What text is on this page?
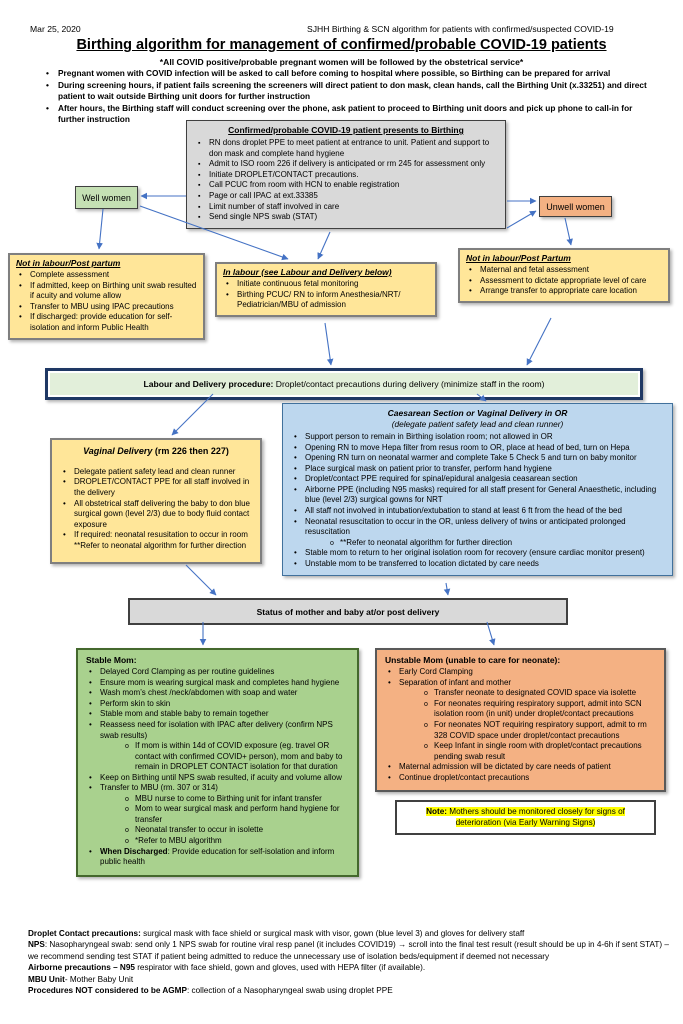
Mar 25, 2020	SJHH Birthing & SCN algorithm for patients with confirmed/suspected COVID-19
Birthing algorithm for management of confirmed/probable COVID-19 patients
*All COVID positive/probable pregnant women will be followed by the obstetrical service*
• Pregnant women with COVID infection will be asked to call before coming to hospital where possible, so Birthing can be prepared for arrival
• During screening hours, if patient fails screening the screeners will direct patient to don mask, clean hands, call the Birthing Unit (x.33251) and direct patient to wait outside Birthing unit doors for further instruction
• After hours, the Birthing staff will conduct screening over the phone, ask patient to proceed to Birthing unit doors and pick up phone to call-in for further instruction
Confirmed/probable COVID-19 patient presents to Birthing
▪ RN dons droplet PPE to meet patient at entrance to unit. Patient and support to don mask and complete hand hygiene
▪ Admit to ISO room 226 if delivery is anticipated or rm 245 for assessment only
▪ Initiate DROPLET/CONTACT precautions.
▪ Call PCUC from room with HCN to enable registration
▪ Page or call IPAC at ext.33385
▪ Limit number of staff involved in care
▪ Send single NPS swab (STAT)
Well women
Unwell women
Not in labour/Post partum
• Complete assessment
• If admitted, keep on Birthing unit swab resulted if acuity and volume allow
• Transfer to MBU using IPAC precautions
• If discharged: provide education for self-isolation and inform Public Health
In labour (see Labour and Delivery below)
• Initiate continuous fetal monitoring
• Birthing PCUC/ RN to inform Anesthesia/NRT/ Pediatrician/MBU of admission
Not in labour/Post Partum
• Maternal and fetal assessment
• Assessment to dictate appropriate level of care
• Arrange transfer to appropriate care location
Labour and Delivery procedure: Droplet/contact precautions during delivery (minimize staff in the room)
Vaginal Delivery (rm 226 then 227)
• Delegate patient safety lead and clean runner
• DROPLET/CONTACT PPE for all staff involved in the delivery
• All obstetrical staff delivering the baby to don blue surgical gown (level 2/3) due to body fluid contact exposure
• If required: neonatal resusitation to occur in room
**Refer to neonatal algorithm for further direction
Caesarean Section or Vaginal Delivery in OR
(delegate patient safety lead and clean runner)
• Support person to remain in Birthing isolation room; not allowed in OR
• Opening RN to move Hepa filter from resus room to OR, place at head of bed, turn on Hepa
• Opening RN turn on neonatal warmer and complete Take 5 Check 5 and turn on baby monitor
• Place surgical mask on patient prior to transfer, perform hand hygiene
• Droplet/contact PPE required for spinal/epidural analgesia ceasarean section
• Airborne PPE (including N95 masks) required for all staff present for General Anaesthetic, including blue (level 2/3) surgical gowns for NRT
• All staff not involved in intubation/extubation to stand at least 6 ft from the head of the bed
• Neonatal resuscitation to occur in the OR, unless delivery of twins or anticipated prolonged resuscitation
o **Refer to neonatal algorithm for further direction
• Stable mom to return to her original isolation room for recovery (ensure cardiac monitor present)
• Unstable mom to be transferred to location dictated by care needs
Status of mother and baby at/or post delivery
Stable Mom:
• Delayed Cord Clamping as per routine guidelines
• Ensure mom is wearing surgical mask and completes hand hygiene
• Wash mom’s chest /neck/abdomen with soap and water
• Perform skin to skin
• Stable mom and stable baby to remain together
• Reassess need for isolation with IPAC after delivery (confirm NPS swab results)
o If mom is within 14d of COVID exposure (eg. travel OR contact with confirmed COVID+ person), mom and baby to remain in DROPLET CONTACT isolation for that duration
• Keep on Birthing until NPS swab resulted, if acuity and volume allow
• Transfer to MBU (rm. 307 or 314)
o MBU nurse to come to Birthing unit for infant transfer
o Mom to wear surgical mask and perform hand hygiene for transfer
o Neonatal transfer to occur in isolette
o *Refer to MBU algorithm
• When Discharged: Provide education for self-isolation and inform public health
Unstable Mom (unable to care for neonate):
• Early Cord Clamping
• Separation of infant and mother
o Transfer neonate to designated COVID space via isolette
o For neonates requiring respiratory support, admit into SCN isolation room (in unit) under droplet/contact precautions
o For neonates NOT requiring respiratory support, admit to rm 328 COVID space under droplet/contact precautions
o Keep Infant in single room with droplet/contact precautions pending swab result
• Maternal admission will be dictated by care needs of patient
• Continue droplet/contact precautions
Note: Mothers should be monitored closely for signs of deterioration (via Early Warning Signs)

Droplet Contact precautions: surgical mask with face shield or surgical mask with visor, gown (blue level 3) and gloves for delivery staff

NPS: Nasopharyngeal swab: send only 1 NPS swab for routine viral resp panel (it includes COVID19) → scroll into the final test result (result should be up in 4-6h if sent STAT) – we recommend sending test STAT if patient being admitted to reduce the unnecessary use of isolation beds/equipment if deemed not necessary

Airborne precautions – N95 respirator with face shield, gown and gloves, used with HEPA filter (if available).

MBU Unit- Mother Baby Unit

Procedures NOT considered to be AGMP: collection of a Nasopharyngeal swab using droplet PPE
